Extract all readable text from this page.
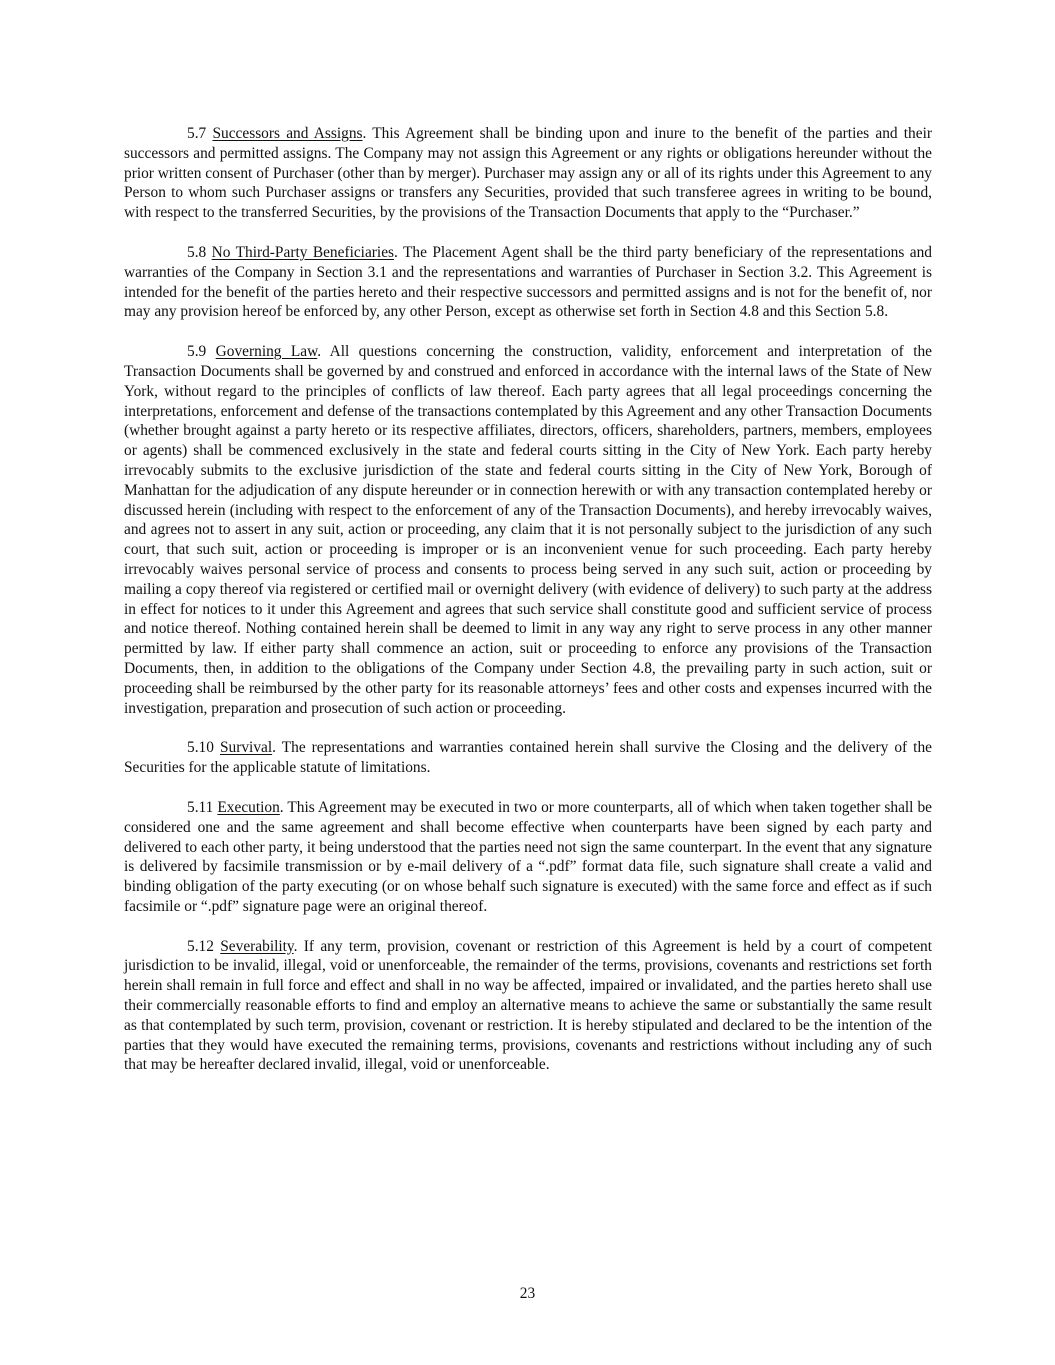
5.7 Successors and Assigns. This Agreement shall be binding upon and inure to the benefit of the parties and their successors and permitted assigns. The Company may not assign this Agreement or any rights or obligations hereunder without the prior written consent of Purchaser (other than by merger). Purchaser may assign any or all of its rights under this Agreement to any Person to whom such Purchaser assigns or transfers any Securities, provided that such transferee agrees in writing to be bound, with respect to the transferred Securities, by the provisions of the Transaction Documents that apply to the “Purchaser.”

5.8 No Third-Party Beneficiaries. The Placement Agent shall be the third party beneficiary of the representations and warranties of the Company in Section 3.1 and the representations and warranties of Purchaser in Section 3.2. This Agreement is intended for the benefit of the parties hereto and their respective successors and permitted assigns and is not for the benefit of, nor may any provision hereof be enforced by, any other Person, except as otherwise set forth in Section 4.8 and this Section 5.8.

5.9 Governing Law. All questions concerning the construction, validity, enforcement and interpretation of the Transaction Documents shall be governed by and construed and enforced in accordance with the internal laws of the State of New York, without regard to the principles of conflicts of law thereof. Each party agrees that all legal proceedings concerning the interpretations, enforcement and defense of the transactions contemplated by this Agreement and any other Transaction Documents (whether brought against a party hereto or its respective affiliates, directors, officers, shareholders, partners, members, employees or agents) shall be commenced exclusively in the state and federal courts sitting in the City of New York. Each party hereby irrevocably submits to the exclusive jurisdiction of the state and federal courts sitting in the City of New York, Borough of Manhattan for the adjudication of any dispute hereunder or in connection herewith or with any transaction contemplated hereby or discussed herein (including with respect to the enforcement of any of the Transaction Documents), and hereby irrevocably waives, and agrees not to assert in any suit, action or proceeding, any claim that it is not personally subject to the jurisdiction of any such court, that such suit, action or proceeding is improper or is an inconvenient venue for such proceeding. Each party hereby irrevocably waives personal service of process and consents to process being served in any such suit, action or proceeding by mailing a copy thereof via registered or certified mail or overnight delivery (with evidence of delivery) to such party at the address in effect for notices to it under this Agreement and agrees that such service shall constitute good and sufficient service of process and notice thereof. Nothing contained herein shall be deemed to limit in any way any right to serve process in any other manner permitted by law. If either party shall commence an action, suit or proceeding to enforce any provisions of the Transaction Documents, then, in addition to the obligations of the Company under Section 4.8, the prevailing party in such action, suit or proceeding shall be reimbursed by the other party for its reasonable attorneys’ fees and other costs and expenses incurred with the investigation, preparation and prosecution of such action or proceeding.

5.10 Survival. The representations and warranties contained herein shall survive the Closing and the delivery of the Securities for the applicable statute of limitations.

5.11 Execution. This Agreement may be executed in two or more counterparts, all of which when taken together shall be considered one and the same agreement and shall become effective when counterparts have been signed by each party and delivered to each other party, it being understood that the parties need not sign the same counterpart. In the event that any signature is delivered by facsimile transmission or by e-mail delivery of a “.pdf” format data file, such signature shall create a valid and binding obligation of the party executing (or on whose behalf such signature is executed) with the same force and effect as if such facsimile or “.pdf” signature page were an original thereof.

5.12 Severability. If any term, provision, covenant or restriction of this Agreement is held by a court of competent jurisdiction to be invalid, illegal, void or unenforceable, the remainder of the terms, provisions, covenants and restrictions set forth herein shall remain in full force and effect and shall in no way be affected, impaired or invalidated, and the parties hereto shall use their commercially reasonable efforts to find and employ an alternative means to achieve the same or substantially the same result as that contemplated by such term, provision, covenant or restriction. It is hereby stipulated and declared to be the intention of the parties that they would have executed the remaining terms, provisions, covenants and restrictions without including any of such that may be hereafter declared invalid, illegal, void or unenforceable.

23
